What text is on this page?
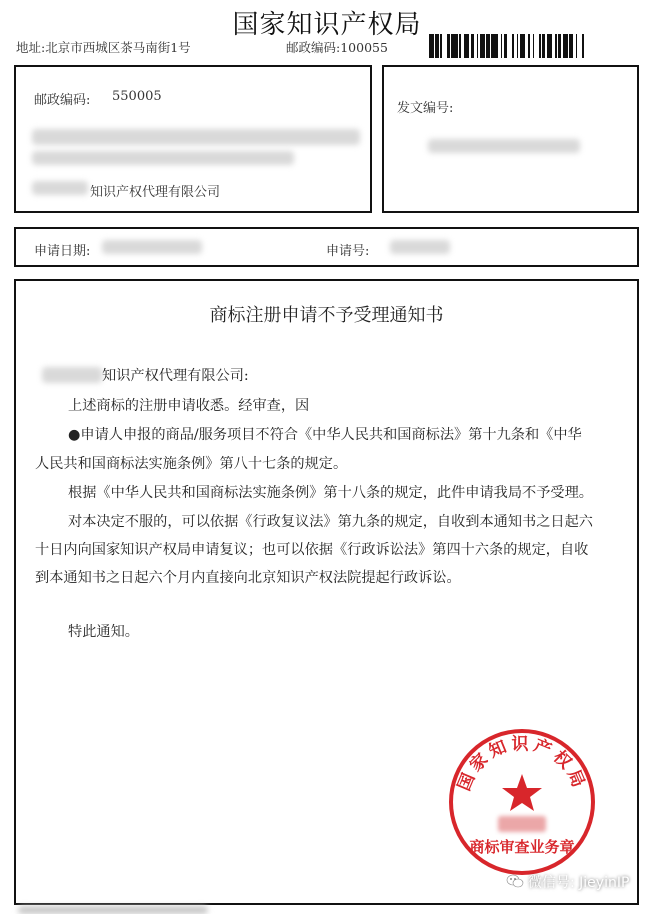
国家知识产权局
地址:北京市西城区茶马南街1号	邮政编码:100055
邮政编码: 550005
知识产权代理有限公司
发文编号:
申请日期:	申请号:
商标注册申请不予受理通知书
知识产权代理有限公司:
上述商标的注册申请收悉。经审查，因
●申请人申报的商品/服务项目不符合《中华人民共和国商标法》第十九条和《中华
人民共和国商标法实施条例》第八十七条的规定。
根据《中华人民共和国商标法实施条例》第十八条的规定，此件申请我局不予受理。
对本决定不服的，可以依据《行政复议法》第九条的规定，自收到本通知书之日起六
十日内向国家知识产权局申请复议；也可以依据《行政诉讼法》第四十六条的规定，自收
到本通知书之日起六个月内直接向北京知识产权法院提起行政诉讼。
特此通知。
国家知识产权局
商标审查业务章
微信号: JieyinIP
